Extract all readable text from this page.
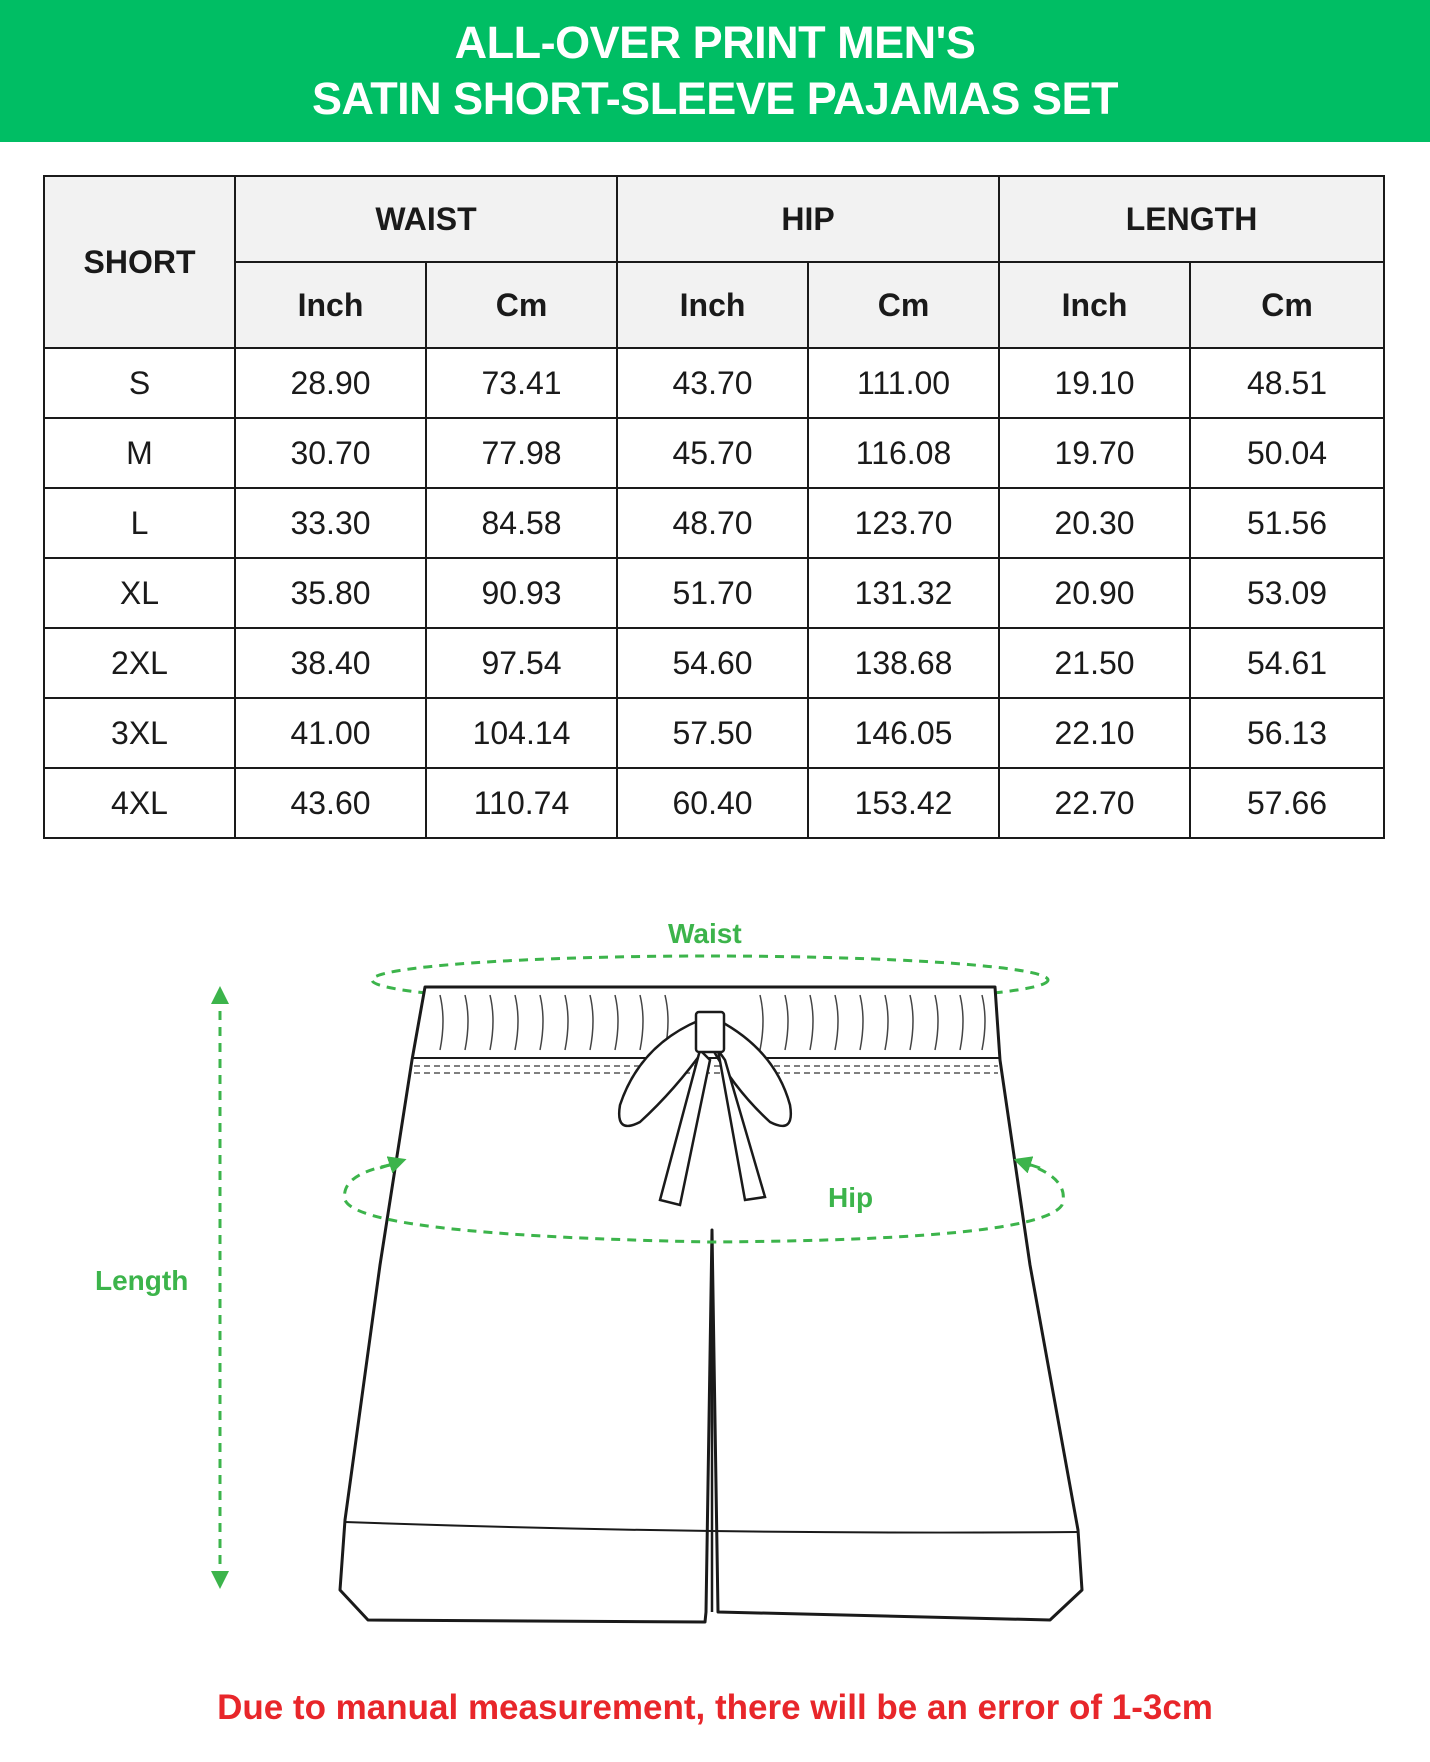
ALL-OVER PRINT MEN'S
SATIN SHORT-SLEEVE PAJAMAS SET
SHORT	WAIST		HIP		LENGTH	
	Inch	Cm	Inch	Cm	Inch	Cm
S	28.90	73.41	43.70	111.00	19.10	48.51
M	30.70	77.98	45.70	116.08	19.70	50.04
L	33.30	84.58	48.70	123.70	20.30	51.56
XL	35.80	90.93	51.70	131.32	20.90	53.09
2XL	38.40	97.54	54.60	138.68	21.50	54.61
3XL	41.00	104.14	57.50	146.05	22.10	56.13
4XL	43.60	110.74	60.40	153.42	22.70	57.66
Waist
Hip
Length
Due to manual measurement, there will be an error of 1-3cm
